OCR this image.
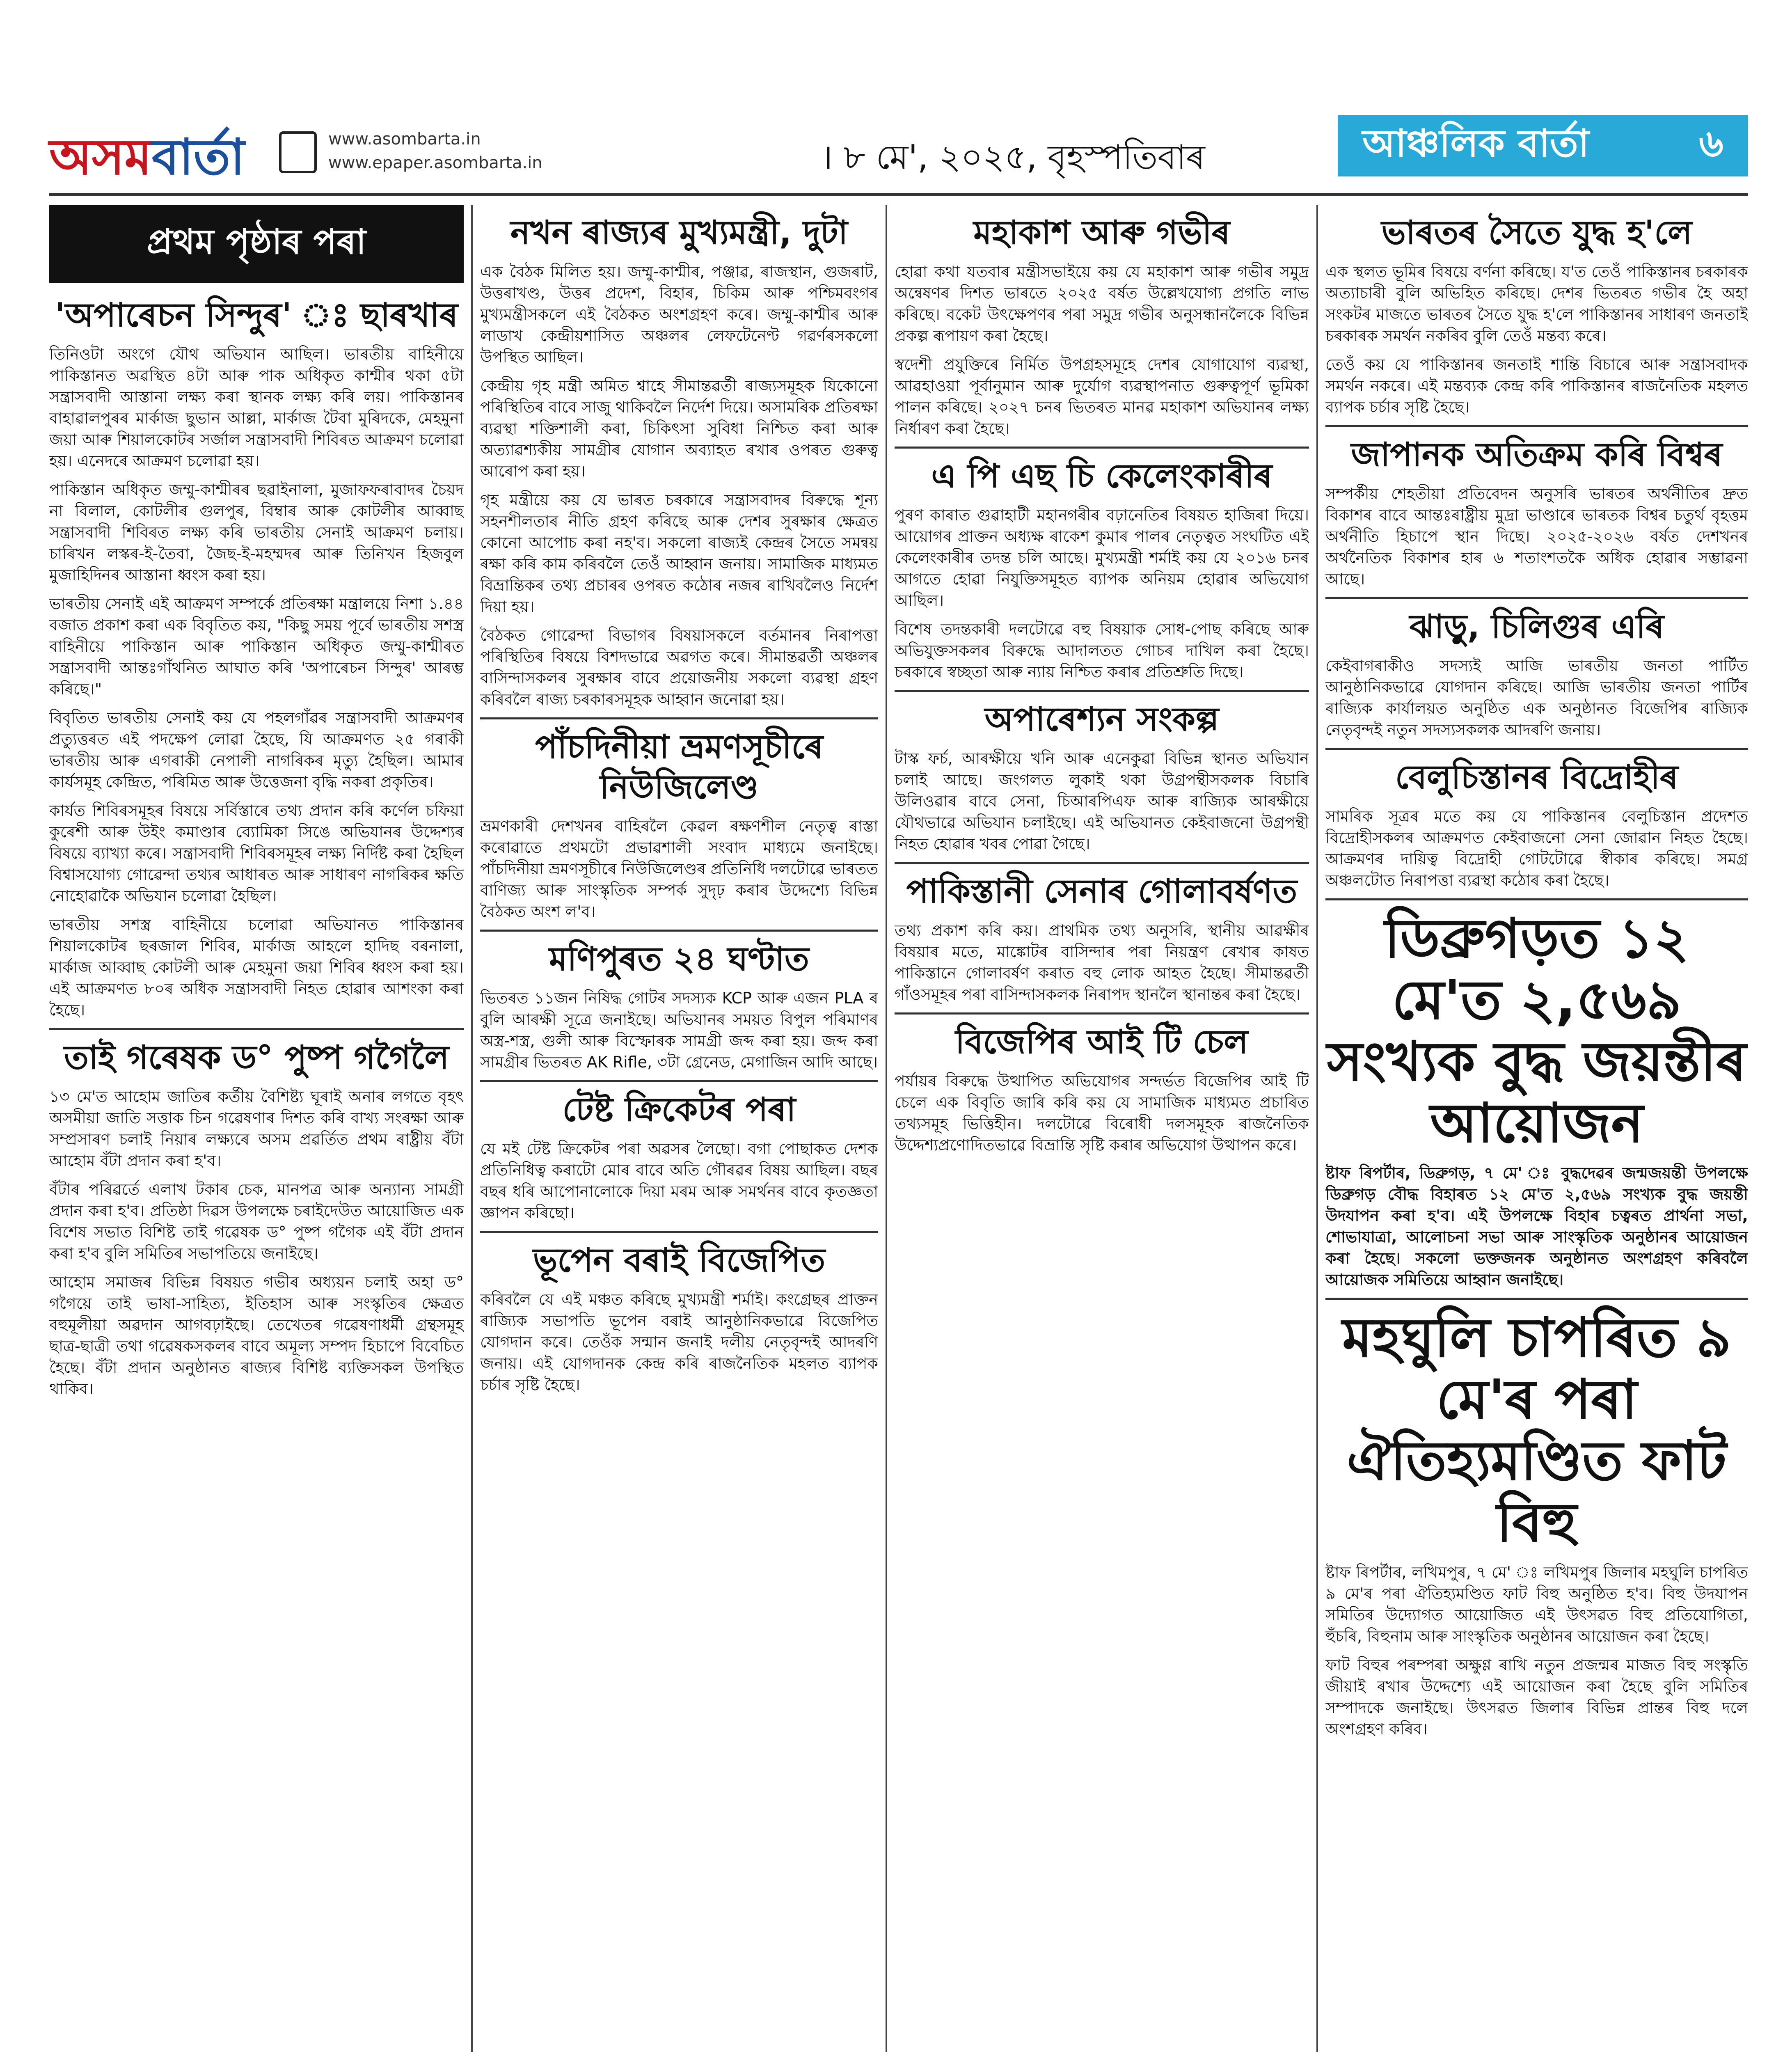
অসমবাৰ্তা	www.asombarta.in
www.epaper.asombarta.in	। ৮ মে', ২০২৫, বৃহস্পতিবাৰ	আঞ্চলিক বাৰ্তা	৬
প্ৰথম পৃষ্ঠাৰ পৰা
'অপাৰেচন সিন্দুৰ' ঃ ছাৰখাৰ

তিনিওটা অংগে যৌথ অভিযান আছিল। ভাৰতীয় বাহিনীয়ে পাকিস্তানত অৱস্থিত ৪টা আৰু পাক অধিকৃত কাশ্মীৰ থকা ৫টা সন্ত্ৰাসবাদী আস্তানা লক্ষ্য কৰা স্থানক লক্ষ্য কৰি লয়। পাকিস্তানৰ বাহাৱালপুৰৰ মাৰ্কাজ ছুভান আল্লা, মাৰ্কাজ টৈবা মুৰিদকে, মেহমুনা জয়া আৰু শিয়ালকোটৰ সৰ্জাল সন্ত্ৰাসবাদী শিবিৰত আক্ৰমণ চলোৱা হয়। এনেদৰে আক্ৰমণ চলোৱা হয়।

পাকিস্তান অধিকৃত জম্মু-কাশ্মীৰৰ ছৱাইনালা, মুজাফফৰাবাদৰ চৈয়দ না বিলাল, কোটলীৰ গুলপুৰ, বিম্বাৰ আৰু কোটলীৰ আব্বাছ সন্ত্ৰাসবাদী শিবিৰত লক্ষ্য কৰি ভাৰতীয় সেনাই আক্ৰমণ চলায়। চাৰিখন লস্কৰ-ই-তৈবা, জৈছ-ই-মহম্মদৰ আৰু তিনিখন হিজবুল মুজাহিদিনৰ আস্তানা ধ্বংস কৰা হয়।

ভাৰতীয় সেনাই এই আক্ৰমণ সম্পৰ্কে প্ৰতিৰক্ষা মন্ত্ৰালয়ে নিশা ১.৪৪ বজাত প্ৰকাশ কৰা এক বিবৃতিত কয়, "কিছু সময় পূৰ্বে ভাৰতীয় সশস্ত্ৰ বাহিনীয়ে পাকিস্তান আৰু পাকিস্তান অধিকৃত জম্মু-কাশ্মীৰত সন্ত্ৰাসবাদী আন্তঃগাঁথনিত আঘাত কৰি 'অপাৰেচন সিন্দুৰ' আৰম্ভ কৰিছে।"

বিবৃতিত ভাৰতীয় সেনাই কয় যে পহলগাঁৱৰ সন্ত্ৰাসবাদী আক্ৰমণৰ প্ৰত্যুত্তৰত এই পদক্ষেপ লোৱা হৈছে, যি আক্ৰমণত ২৫ গৰাকী ভাৰতীয় আৰু এগৰাকী নেপালী নাগৰিকৰ মৃত্যু হৈছিল। আমাৰ কাৰ্যসমূহ কেন্দ্ৰিত, পৰিমিত আৰু উত্তেজনা বৃদ্ধি নকৰা প্ৰকৃতিৰ।

কাৰ্যত শিবিৰসমূহৰ বিষয়ে সৰ্বিস্তাৰে তথ্য প্ৰদান কৰি কৰ্ণেল চফিয়া কুৰেশী আৰু উইং কমাণ্ডাৰ ব্যোমিকা সিঙে অভিযানৰ উদ্দেশ্যৰ বিষয়ে ব্যাখ্যা কৰে। সন্ত্ৰাসবাদী শিবিৰসমূহৰ লক্ষ্য নিৰ্দিষ্ট কৰা হৈছিল বিশ্বাসযোগ্য গোৱেন্দা তথ্যৰ আধাৰত আৰু সাধাৰণ নাগৰিকৰ ক্ষতি নোহোৱাকৈ অভিযান চলোৱা হৈছিল।

ভাৰতীয় সশস্ত্ৰ বাহিনীয়ে চলোৱা অভিযানত পাকিস্তানৰ শিয়ালকোটৰ ছৰজাল শিবিৰ, মাৰ্কাজ আহলে হাদিছ বৰনালা, মাৰ্কাজ আব্বাছ কোটলী আৰু মেহমুনা জয়া শিবিৰ ধ্বংস কৰা হয়। এই আক্ৰমণত ৮০ৰ অধিক সন্ত্ৰাসবাদী নিহত হোৱাৰ আশংকা কৰা হৈছে।

তাই গৰেষক ড° পুষ্প গগৈলৈ

১৩ মে'ত আহোম জাতিৰ কৰ্তীয় বৈশিষ্ট্য ঘূৰাই অনাৰ লগতে বৃহৎ অসমীয়া জাতি সত্তাক চিন গৱেষণাৰ দিশত কৰি বাখ্য সংৰক্ষা আৰু সম্প্ৰসাৰণ চলাই নিয়াৰ লক্ষ্যৰে অসম প্ৰৱৰ্তিত প্ৰথম ৰাষ্ট্ৰীয় বঁটা আহোম বঁটা প্ৰদান কৰা হ'ব।

বঁটাৰ পৰিৱৰ্তে এলাখ টকাৰ চেক, মানপত্ৰ আৰু অন্যান্য সামগ্ৰী প্ৰদান কৰা হ'ব। প্ৰতিষ্ঠা দিৱস উপলক্ষে চৰাইদেউত আয়োজিত এক বিশেষ সভাত বিশিষ্ট তাই গৱেষক ড° পুষ্প গগৈক এই বঁটা প্ৰদান কৰা হ'ব বুলি সমিতিৰ সভাপতিয়ে জনাইছে।

আহোম সমাজৰ বিভিন্ন বিষয়ত গভীৰ অধ্যয়ন চলাই অহা ড° গগৈয়ে তাই ভাষা-সাহিত্য, ইতিহাস আৰু সংস্কৃতিৰ ক্ষেত্ৰত বহুমূলীয়া অৱদান আগবঢ়াইছে। তেখেতৰ গৱেষণাধৰ্মী গ্ৰন্থসমূহ ছাত্ৰ-ছাত্ৰী তথা গৱেষকসকলৰ বাবে অমূল্য সম্পদ হিচাপে বিবেচিত হৈছে। বঁটা প্ৰদান অনুষ্ঠানত ৰাজ্যৰ বিশিষ্ট ব্যক্তিসকল উপস্থিত থাকিব।

নখন ৰাজ্যৰ মুখ্যমন্ত্ৰী, দুটা

এক বৈঠক মিলিত হয়। জম্মু-কাশ্মীৰ, পঞ্জাৱ, ৰাজস্থান, গুজৰাট, উত্তৰাখণ্ড, উত্তৰ প্ৰদেশ, বিহাৰ, চিকিম আৰু পশ্চিমবংগৰ মুখ্যমন্ত্ৰীসকলে এই বৈঠকত অংশগ্ৰহণ কৰে। জম্মু-কাশ্মীৰ আৰু লাডাখ কেন্দ্ৰীয়শাসিত অঞ্চলৰ লেফটেনেণ্ট গৱৰ্ণৰসকলো উপস্থিত আছিল।

কেন্দ্ৰীয় গৃহ মন্ত্ৰী অমিত শ্বাহে সীমান্তৱৰ্তী ৰাজ্যসমূহক যিকোনো পৰিস্থিতিৰ বাবে সাজু থাকিবলৈ নিৰ্দেশ দিয়ে। অসামৰিক প্ৰতিৰক্ষা ব্যৱস্থা শক্তিশালী কৰা, চিকিৎসা সুবিধা নিশ্চিত কৰা আৰু অত্যাৱশ্যকীয় সামগ্ৰীৰ যোগান অব্যাহত ৰখাৰ ওপৰত গুৰুত্ব আৰোপ কৰা হয়।

গৃহ মন্ত্ৰীয়ে কয় যে ভাৰত চৰকাৰে সন্ত্ৰাসবাদৰ বিৰুদ্ধে শূন্য সহনশীলতাৰ নীতি গ্ৰহণ কৰিছে আৰু দেশৰ সুৰক্ষাৰ ক্ষেত্ৰত কোনো আপোচ কৰা নহ'ব। সকলো ৰাজ্যই কেন্দ্ৰৰ সৈতে সমন্বয় ৰক্ষা কৰি কাম কৰিবলৈ তেওঁ আহ্বান জনায়। সামাজিক মাধ্যমত বিভ্ৰান্তিকৰ তথ্য প্ৰচাৰৰ ওপৰত কঠোৰ নজৰ ৰাখিবলৈও নিৰ্দেশ দিয়া হয়।

বৈঠকত গোৱেন্দা বিভাগৰ বিষয়াসকলে বৰ্তমানৰ নিৰাপত্তা পৰিস্থিতিৰ বিষয়ে বিশদভাৱে অৱগত কৰে। সীমান্তৱৰ্তী অঞ্চলৰ বাসিন্দাসকলৰ সুৰক্ষাৰ বাবে প্ৰয়োজনীয় সকলো ব্যৱস্থা গ্ৰহণ কৰিবলৈ ৰাজ্য চৰকাৰসমূহক আহ্বান জনোৱা হয়।

পাঁচদিনীয়া ভ্ৰমণসূচীৰে নিউজিলেণ্ড

ভ্ৰমণকাৰী দেশখনৰ বাহিৰলৈ কেৱল ৰক্ষণশীল নেতৃত্ব ৰাস্তা কৰোৱাতে প্ৰথমটো প্ৰভাৱশালী সংবাদ মাধ্যমে জনাইছে। পাঁচদিনীয়া ভ্ৰমণসূচীৰে নিউজিলেণ্ডৰ প্ৰতিনিধি দলটোৱে ভাৰতত বাণিজ্য আৰু সাংস্কৃতিক সম্পৰ্ক সুদৃঢ় কৰাৰ উদ্দেশ্যে বিভিন্ন বৈঠকত অংশ ল'ব।

মণিপুৰত ২৪ ঘণ্টাত

ভিতৰত ১১জন নিষিদ্ধ গোটৰ সদস্যক KCP আৰু এজন PLA ৰ বুলি আৰক্ষী সূত্ৰে জনাইছে। অভিযানৰ সময়ত বিপুল পৰিমাণৰ অস্ত্ৰ-শস্ত্ৰ, গুলী আৰু বিস্ফোৰক সামগ্ৰী জব্দ কৰা হয়। জব্দ কৰা সামগ্ৰীৰ ভিতৰত AK Rifle, ৩টা গ্ৰেনেড, মেগাজিন আদি আছে।

টেষ্ট ক্ৰিকেটৰ পৰা

যে মই টেষ্ট ক্ৰিকেটৰ পৰা অৱসৰ লৈছো। বগা পোছাকত দেশক প্ৰতিনিধিত্ব কৰাটো মোৰ বাবে অতি গৌৰৱৰ বিষয় আছিল। বছৰ বছৰ ধৰি আপোনালোকে দিয়া মৰম আৰু সমৰ্থনৰ বাবে কৃতজ্ঞতা জ্ঞাপন কৰিছো।

ভূপেন বৰাই বিজেপিত

কৰিবলৈ যে এই মঞ্চত কৰিছে মুখ্যমন্ত্ৰী শৰ্মাই। কংগ্ৰেছৰ প্ৰাক্তন ৰাজ্যিক সভাপতি ভূপেন বৰাই আনুষ্ঠানিকভাৱে বিজেপিত যোগদান কৰে। তেওঁক সন্মান জনাই দলীয় নেতৃবৃন্দই আদৰণি জনায়। এই যোগদানক কেন্দ্ৰ কৰি ৰাজনৈতিক মহলত ব্যাপক চৰ্চাৰ সৃষ্টি হৈছে।

মহাকাশ আৰু গভীৰ

হোৱা কথা যতবাৰ মন্ত্ৰীসভাইয়ে কয় যে মহাকাশ আৰু গভীৰ সমুদ্ৰ অন্বেষণৰ দিশত ভাৰতে ২০২৫ বৰ্ষত উল্লেখযোগ্য প্ৰগতি লাভ কৰিছে। বকেট উৎক্ষেপণৰ পৰা সমুদ্ৰ গভীৰ অনুসন্ধানলৈকে বিভিন্ন প্ৰকল্প ৰূপায়ণ কৰা হৈছে।

স্বদেশী প্ৰযুক্তিৰে নিৰ্মিত উপগ্ৰহসমূহে দেশৰ যোগাযোগ ব্যৱস্থা, আৱহাওয়া পূৰ্বানুমান আৰু দুৰ্যোগ ব্যৱস্থাপনাত গুৰুত্বপূৰ্ণ ভূমিকা পালন কৰিছে। ২০২৭ চনৰ ভিতৰত মানৱ মহাকাশ অভিযানৰ লক্ষ্য নিৰ্ধাৰণ কৰা হৈছে।

এ পি এছ চি কেলেংকাৰীৰ

পুৰণ কাৰাত গুৱাহাটী মহানগৰীৰ বঢ়ানেতিৰ বিষয়ত হাজিৰা দিয়ে। আয়োগৰ প্ৰাক্তন অধ্যক্ষ ৰাকেশ কুমাৰ পালৰ নেতৃত্বত সংঘটিত এই কেলেংকাৰীৰ তদন্ত চলি আছে। মুখ্যমন্ত্ৰী শৰ্মাই কয় যে ২০১৬ চনৰ আগতে হোৱা নিযুক্তিসমূহত ব্যাপক অনিয়ম হোৱাৰ অভিযোগ আছিল।

বিশেষ তদন্তকাৰী দলটোৱে বহু বিষয়াক সোধ-পোছ কৰিছে আৰু অভিযুক্তসকলৰ বিৰুদ্ধে আদালতত গোচৰ দাখিল কৰা হৈছে। চৰকাৰে স্বচ্ছতা আৰু ন্যায় নিশ্চিত কৰাৰ প্ৰতিশ্ৰুতি দিছে।

অপাৰেশ্যন সংকল্প

টাস্ক ফৰ্চ, আৰক্ষীয়ে খনি আৰু এনেকুৱা বিভিন্ন স্থানত অভিযান চলাই আছে। জংগলত লুকাই থকা উগ্ৰপন্থীসকলক বিচাৰি উলিওৱাৰ বাবে সেনা, চিআৰপিএফ আৰু ৰাজ্যিক আৰক্ষীয়ে যৌথভাৱে অভিযান চলাইছে। এই অভিযানত কেইবাজনো উগ্ৰপন্থী নিহত হোৱাৰ খবৰ পোৱা গৈছে।

পাকিস্তানী সেনাৰ গোলাবৰ্ষণত

তথ্য প্ৰকাশ কৰি কয়। প্ৰাথমিক তথ্য অনুসৰি, স্থানীয় আৱক্ষীৰ বিষয়াৰ মতে, মাঙ্কোটৰ বাসিন্দাৰ পৰা নিয়ন্ত্ৰণ ৰেখাৰ কাষত পাকিস্তানে গোলাবৰ্ষণ কৰাত বহু লোক আহত হৈছে। সীমান্তৱৰ্তী গাঁওসমূহৰ পৰা বাসিন্দাসকলক নিৰাপদ স্থানলৈ স্থানান্তৰ কৰা হৈছে।

বিজেপিৰ আই টি চেল

পৰ্যায়ৰ বিৰুদ্ধে উত্থাপিত অভিযোগৰ সন্দৰ্ভত বিজেপিৰ আই টি চেলে এক বিবৃতি জাৰি কৰি কয় যে সামাজিক মাধ্যমত প্ৰচাৰিত তথ্যসমূহ ভিত্তিহীন। দলটোৱে বিৰোধী দলসমূহক ৰাজনৈতিক উদ্দেশ্যপ্ৰণোদিতভাৱে বিভ্ৰান্তি সৃষ্টি কৰাৰ অভিযোগ উত্থাপন কৰে।

ভাৰতৰ সৈতে যুদ্ধ হ'লে

এক স্থলত ভূমিৰ বিষয়ে বৰ্ণনা কৰিছে। য'ত তেওঁ পাকিস্তানৰ চৰকাৰক অত্যাচাৰী বুলি অভিহিত কৰিছে। দেশৰ ভিতৰত গভীৰ হৈ অহা সংকটৰ মাজতে ভাৰতৰ সৈতে যুদ্ধ হ'লে পাকিস্তানৰ সাধাৰণ জনতাই চৰকাৰক সমৰ্থন নকৰিব বুলি তেওঁ মন্তব্য কৰে।

তেওঁ কয় যে পাকিস্তানৰ জনতাই শান্তি বিচাৰে আৰু সন্ত্ৰাসবাদক সমৰ্থন নকৰে। এই মন্তব্যক কেন্দ্ৰ কৰি পাকিস্তানৰ ৰাজনৈতিক মহলত ব্যাপক চৰ্চাৰ সৃষ্টি হৈছে।

জাপানক অতিক্ৰম কৰি বিশ্বৰ

সম্পৰ্কীয় শেহতীয়া প্ৰতিবেদন অনুসৰি ভাৰতৰ অৰ্থনীতিৰ দ্ৰুত বিকাশৰ বাবে আন্তঃৰাষ্ট্ৰীয় মুদ্ৰা ভাণ্ডাৰে ভাৰতক বিশ্বৰ চতুৰ্থ বৃহত্তম অৰ্থনীতি হিচাপে স্থান দিছে। ২০২৫-২০২৬ বৰ্ষত দেশখনৰ অৰ্থনৈতিক বিকাশৰ হাৰ ৬ শতাংশতকৈ অধিক হোৱাৰ সম্ভাৱনা আছে।

ঝাড়ু, চিলিগুৰ এৰি

কেইবাগৰাকীও সদস্যই আজি ভাৰতীয় জনতা পাৰ্টিত আনুষ্ঠানিকভাৱে যোগদান কৰিছে। আজি ভাৰতীয় জনতা পাৰ্টিৰ ৰাজ্যিক কাৰ্যালয়ত অনুষ্ঠিত এক অনুষ্ঠানত বিজেপিৰ ৰাজ্যিক নেতৃবৃন্দই নতুন সদস্যসকলক আদৰণি জনায়।

বেলুচিস্তানৰ বিদ্ৰোহীৰ

সামৰিক সূত্ৰৰ মতে কয় যে পাকিস্তানৰ বেলুচিস্তান প্ৰদেশত বিদ্ৰোহীসকলৰ আক্ৰমণত কেইবাজনো সেনা জোৱান নিহত হৈছে। আক্ৰমণৰ দায়িত্ব বিদ্ৰোহী গোটটোৱে স্বীকাৰ কৰিছে। সমগ্ৰ অঞ্চলটোত নিৰাপত্তা ব্যৱস্থা কঠোৰ কৰা হৈছে।

ডিব্ৰুগড়ত ১২ মে'ত ২,৫৬৯ সংখ্যক বুদ্ধ জয়ন্তীৰ আয়োজন

ষ্টাফ ৰিপৰ্টাৰ, ডিব্ৰুগড়, ৭ মে' ঃ বুদ্ধদেৱৰ জন্মজয়ন্তী উপলক্ষে ডিব্ৰুগড় বৌদ্ধ বিহাৰত ১২ মে'ত ২,৫৬৯ সংখ্যক বুদ্ধ জয়ন্তী উদযাপন কৰা হ'ব। এই উপলক্ষে বিহাৰ চত্বৰত প্ৰাৰ্থনা সভা, শোভাযাত্ৰা, আলোচনা সভা আৰু সাংস্কৃতিক অনুষ্ঠানৰ আয়োজন কৰা হৈছে। সকলো ভক্তজনক অনুষ্ঠানত অংশগ্ৰহণ কৰিবলৈ আয়োজক সমিতিয়ে আহ্বান জনাইছে।

মহঘুলি চাপৰিত ৯ মে'ৰ পৰা ঐতিহ্যমণ্ডিত ফাট বিহু

ষ্টাফ ৰিপৰ্টাৰ, লখিমপুৰ, ৭ মে' ঃ লখিমপুৰ জিলাৰ মহঘুলি চাপৰিত ৯ মে'ৰ পৰা ঐতিহ্যমণ্ডিত ফাট বিহু অনুষ্ঠিত হ'ব। বিহু উদযাপন সমিতিৰ উদ্যোগত আয়োজিত এই উৎসৱত বিহু প্ৰতিযোগিতা, হুঁচৰি, বিহুনাম আৰু সাংস্কৃতিক অনুষ্ঠানৰ আয়োজন কৰা হৈছে।

ফাট বিহুৰ পৰম্পৰা অক্ষুণ্ণ ৰাখি নতুন প্ৰজন্মৰ মাজত বিহু সংস্কৃতি জীয়াই ৰখাৰ উদ্দেশ্যে এই আয়োজন কৰা হৈছে বুলি সমিতিৰ সম্পাদকে জনাইছে। উৎসৱত জিলাৰ বিভিন্ন প্ৰান্তৰ বিহু দলে অংশগ্ৰহণ কৰিব।
